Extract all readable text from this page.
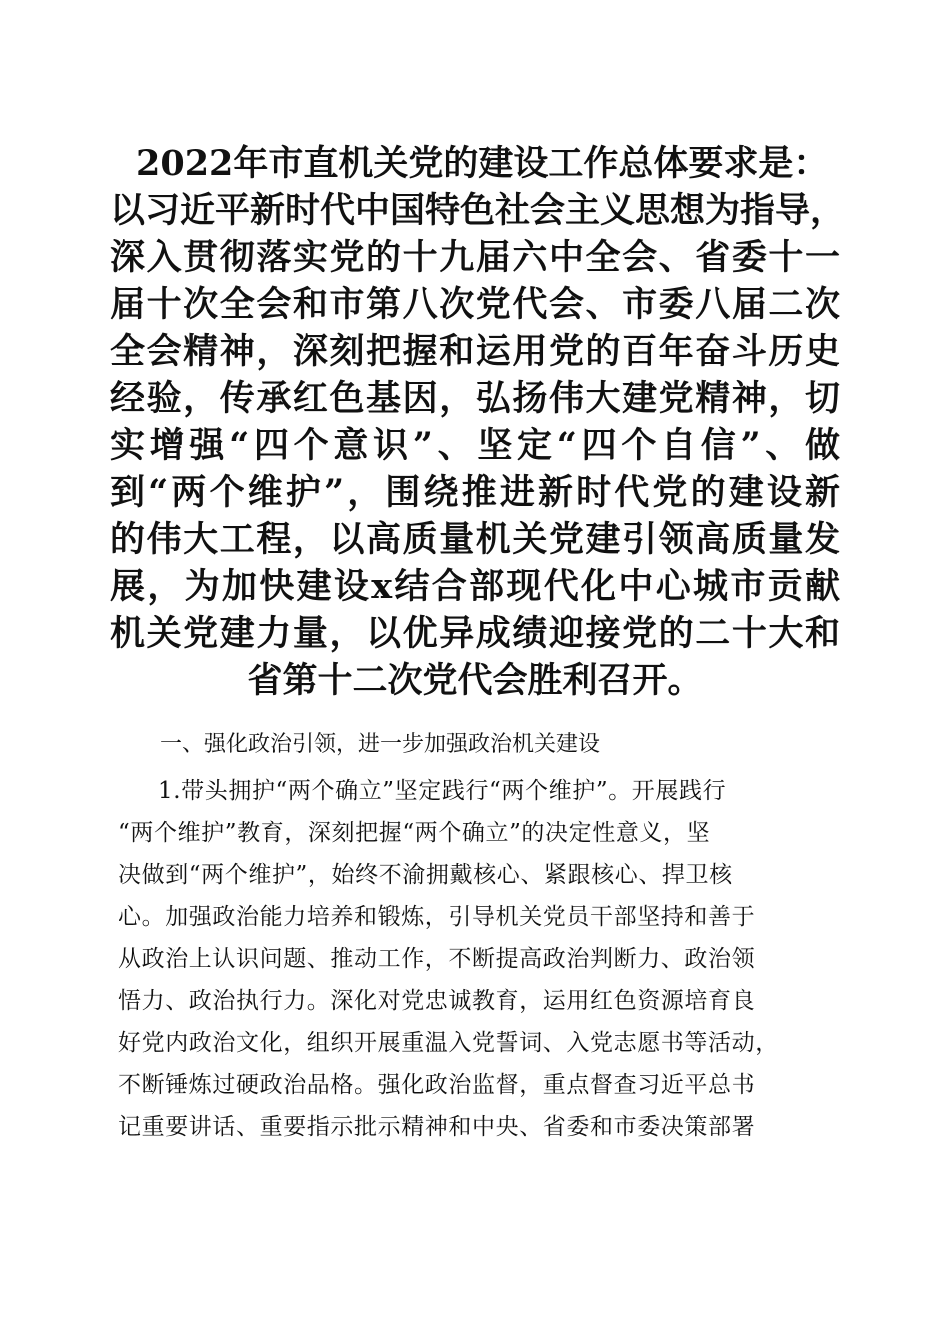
2022年市直机关党的建设工作总体要求是：
以习近平新时代中国特色社会主义思想为指导，
深入贯彻落实党的十九届六中全会、省委十一
届十次全会和市第八次党代会、市委八届二次
全会精神，深刻把握和运用党的百年奋斗历史
经验，传承红色基因，弘扬伟大建党精神，切
实增强“四个意识”、坚定“四个自信”、做
到“两个维护”，围绕推进新时代党的建设新
的伟大工程，以高质量机关党建引领高质量发
展，为加快建设x结合部现代化中心城市贡献
机关党建力量，以优异成绩迎接党的二十大和
省第十二次党代会胜利召开。
一、强化政治引领，进一步加强政治机关建设
1.带头拥护“两个确立”坚定践行“两个维护”。开展践行
“两个维护”教育，深刻把握“两个确立”的决定性意义，坚
决做到“两个维护”，始终不渝拥戴核心、紧跟核心、捍卫核
心。加强政治能力培养和锻炼，引导机关党员干部坚持和善于
从政治上认识问题、推动工作，不断提高政治判断力、政治领
悟力、政治执行力。深化对党忠诚教育，运用红色资源培育良
好党内政治文化，组织开展重温入党誓词、入党志愿书等活动，
不断锤炼过硬政治品格。强化政治监督，重点督查习近平总书
记重要讲话、重要指示批示精神和中央、省委和市委决策部署
